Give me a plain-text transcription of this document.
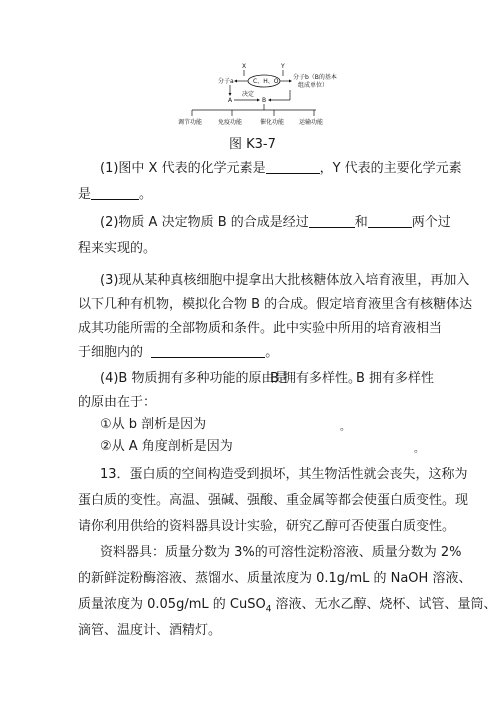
X	Y
C、H、O
分子a
分子b（B的基本
组成单位）
A
决定
B
调节功能	免疫功能	催化功能 运输功能
图 K3-7
(1)图中 X 代表的化学元素是	，Y 代表的主要化学元素
是	。
(2)物质 A 决定物质 B 的合成是经过	和	两个过
程来实现的。
(3)现从某种真核细胞中提拿出大批核糖体放入培育液里，再加入
以下几种有机物，模拟化合物 B 的合成。假定培育液里含有核糖体达
成其功能所需的全部物质和条件。此中实验中所用的培育液相当
于细胞内的	。
(4)B 物质拥有多种功能的原由是
B 拥有多样性。
B 拥有多样性
的原由在于：
①从 b 剖析是因为	。
②从 A 角度剖析是因为	。
13．蛋白质的空间构造受到损坏，其生物活性就会丧失，这称为
蛋白质的变性。高温、强碱、强酸、重金属等都会使蛋白质变性。现
请你利用供给的资料器具设计实验，研究乙醇可否使蛋白质变性。
资料器具：质量分数为 3%的可溶性淀粉溶液、质量分数为 2%
的新鲜淀粉酶溶液、蒸馏水、质量浓度为 0.1g/mL 的 NaOH 溶液、
质量浓度为 0.05g/mL 的 CuSO$_4$ 溶液、无水乙醇、烧杯、试管、量筒、
滴管、温度计、酒精灯。
